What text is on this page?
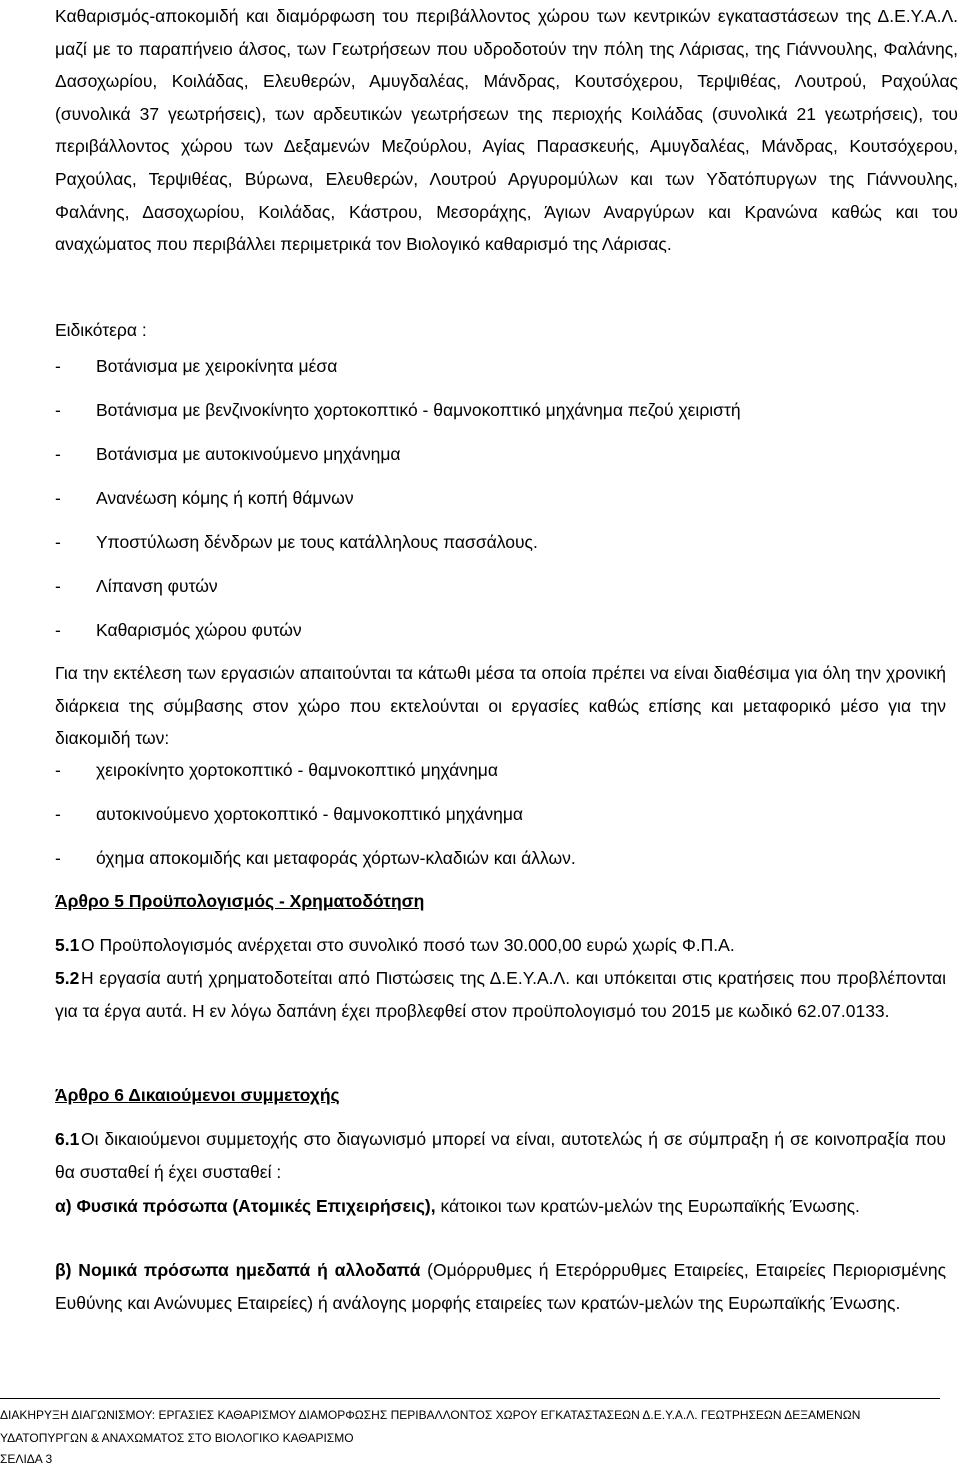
Καθαρισμός-αποκομιδή και διαμόρφωση του περιβάλλοντος χώρου των κεντρικών εγκαταστάσεων της Δ.Ε.Υ.Α.Λ. μαζί με το παραπήνειο άλσος, των Γεωτρήσεων που υδροδοτούν την πόλη της Λάρισας, της Γιάννουλης, Φαλάνης, Δασοχωρίου, Κοιλάδας, Ελευθερών, Αμυγδαλέας, Μάνδρας, Κουτσόχερου, Τερψιθέας, Λουτρού, Ραχούλας (συνολικά 37 γεωτρήσεις), των αρδευτικών γεωτρήσεων της περιοχής Κοιλάδας (συνολικά 21 γεωτρήσεις), του περιβάλλοντος χώρου των Δεξαμενών Μεζούρλου, Αγίας Παρασκευής, Αμυγδαλέας, Μάνδρας, Κουτσόχερου, Ραχούλας, Τερψιθέας, Βύρωνα, Ελευθερών, Λουτρού Αργυρομύλων και των Υδατόπυργων της Γιάννουλης, Φαλάνης, Δασοχωρίου, Κοιλάδας, Κάστρου, Μεσοράχης, Άγιων Αναργύρων και Κρανώνα καθώς και του αναχώματος που περιβάλλει περιμετρικά τον Βιολογικό καθαρισμό της Λάρισας.
Ειδικότερα :
-	Βοτάνισμα με χειροκίνητα μέσα
-	Βοτάνισμα με βενζινοκίνητο χορτοκοπτικό - θαμνοκοπτικό μηχάνημα πεζού χειριστή
-	Βοτάνισμα με αυτοκινούμενο μηχάνημα
-	Ανανέωση κόμης ή κοπή θάμνων
-	Υποστύλωση δένδρων με τους κατάλληλους πασσάλους.
-	Λίπανση φυτών
-	Καθαρισμός χώρου φυτών
Για την εκτέλεση των εργασιών απαιτούνται τα κάτωθι μέσα τα οποία πρέπει να είναι διαθέσιμα για όλη την χρονική διάρκεια της σύμβασης στον χώρο που εκτελούνται οι εργασίες καθώς επίσης και μεταφορικό μέσο για την διακομιδή των:
-	χειροκίνητο χορτοκοπτικό - θαμνοκοπτικό μηχάνημα
-	αυτοκινούμενο χορτοκοπτικό - θαμνοκοπτικό μηχάνημα
-	όχημα αποκομιδής και μεταφοράς χόρτων-κλαδιών και άλλων.
Άρθρο 5 Προϋπολογισμός - Χρηματοδότηση
5.1 Ο Προϋπολογισμός ανέρχεται στο συνολικό ποσό των 30.000,00 ευρώ χωρίς Φ.Π.Α.
5.2 Η εργασία αυτή χρηματοδοτείται από Πιστώσεις της Δ.Ε.Υ.Α.Λ. και υπόκειται στις κρατήσεις που προβλέπονται για τα έργα αυτά. Η εν λόγω δαπάνη έχει προβλεφθεί στον προϋπολογισμό του 2015 με κωδικό 62.07.0133.
Άρθρο 6 Δικαιούμενοι συμμετοχής
6.1 Οι δικαιούμενοι συμμετοχής στο διαγωνισμό μπορεί να είναι, αυτοτελώς ή σε σύμπραξη ή σε κοινοπραξία που θα συσταθεί ή έχει συσταθεί :
α) Φυσικά πρόσωπα (Ατομικές Επιχειρήσεις), κάτοικοι των κρατών-μελών της Ευρωπαϊκής Ένωσης.
β) Νομικά πρόσωπα ημεδαπά ή αλλοδαπά (Ομόρρυθμες ή Ετερόρρυθμες Εταιρείες, Εταιρείες Περιορισμένης Ευθύνης και Ανώνυμες Εταιρείες) ή ανάλογης μορφής εταιρείες των κρατών-μελών της Ευρωπαϊκής Ένωσης.
ΔΙΑΚΗΡΥΞΗ ΔΙΑΓΩΝΙΣΜΟΥ: ΕΡΓΑΣΙΕΣ ΚΑΘΑΡΙΣΜΟΥ ΔΙΑΜΟΡΦΩΣΗΣ ΠΕΡΙΒΑΛΛΟΝΤΟΣ ΧΩΡΟΥ ΕΓΚΑΤΑΣΤΑΣΕΩΝ Δ.Ε.Υ.Α.Λ. ΓΕΩΤΡΗΣΕΩΝ ΔΕΞΑΜΕΝΩΝ
ΥΔΑΤΟΠΥΡΓΩΝ & ΑΝΑΧΩΜΑΤΟΣ ΣΤΟ ΒΙΟΛΟΓΙΚΟ ΚΑΘΑΡΙΣΜΟ
ΣΕΛΙΔΑ 3
